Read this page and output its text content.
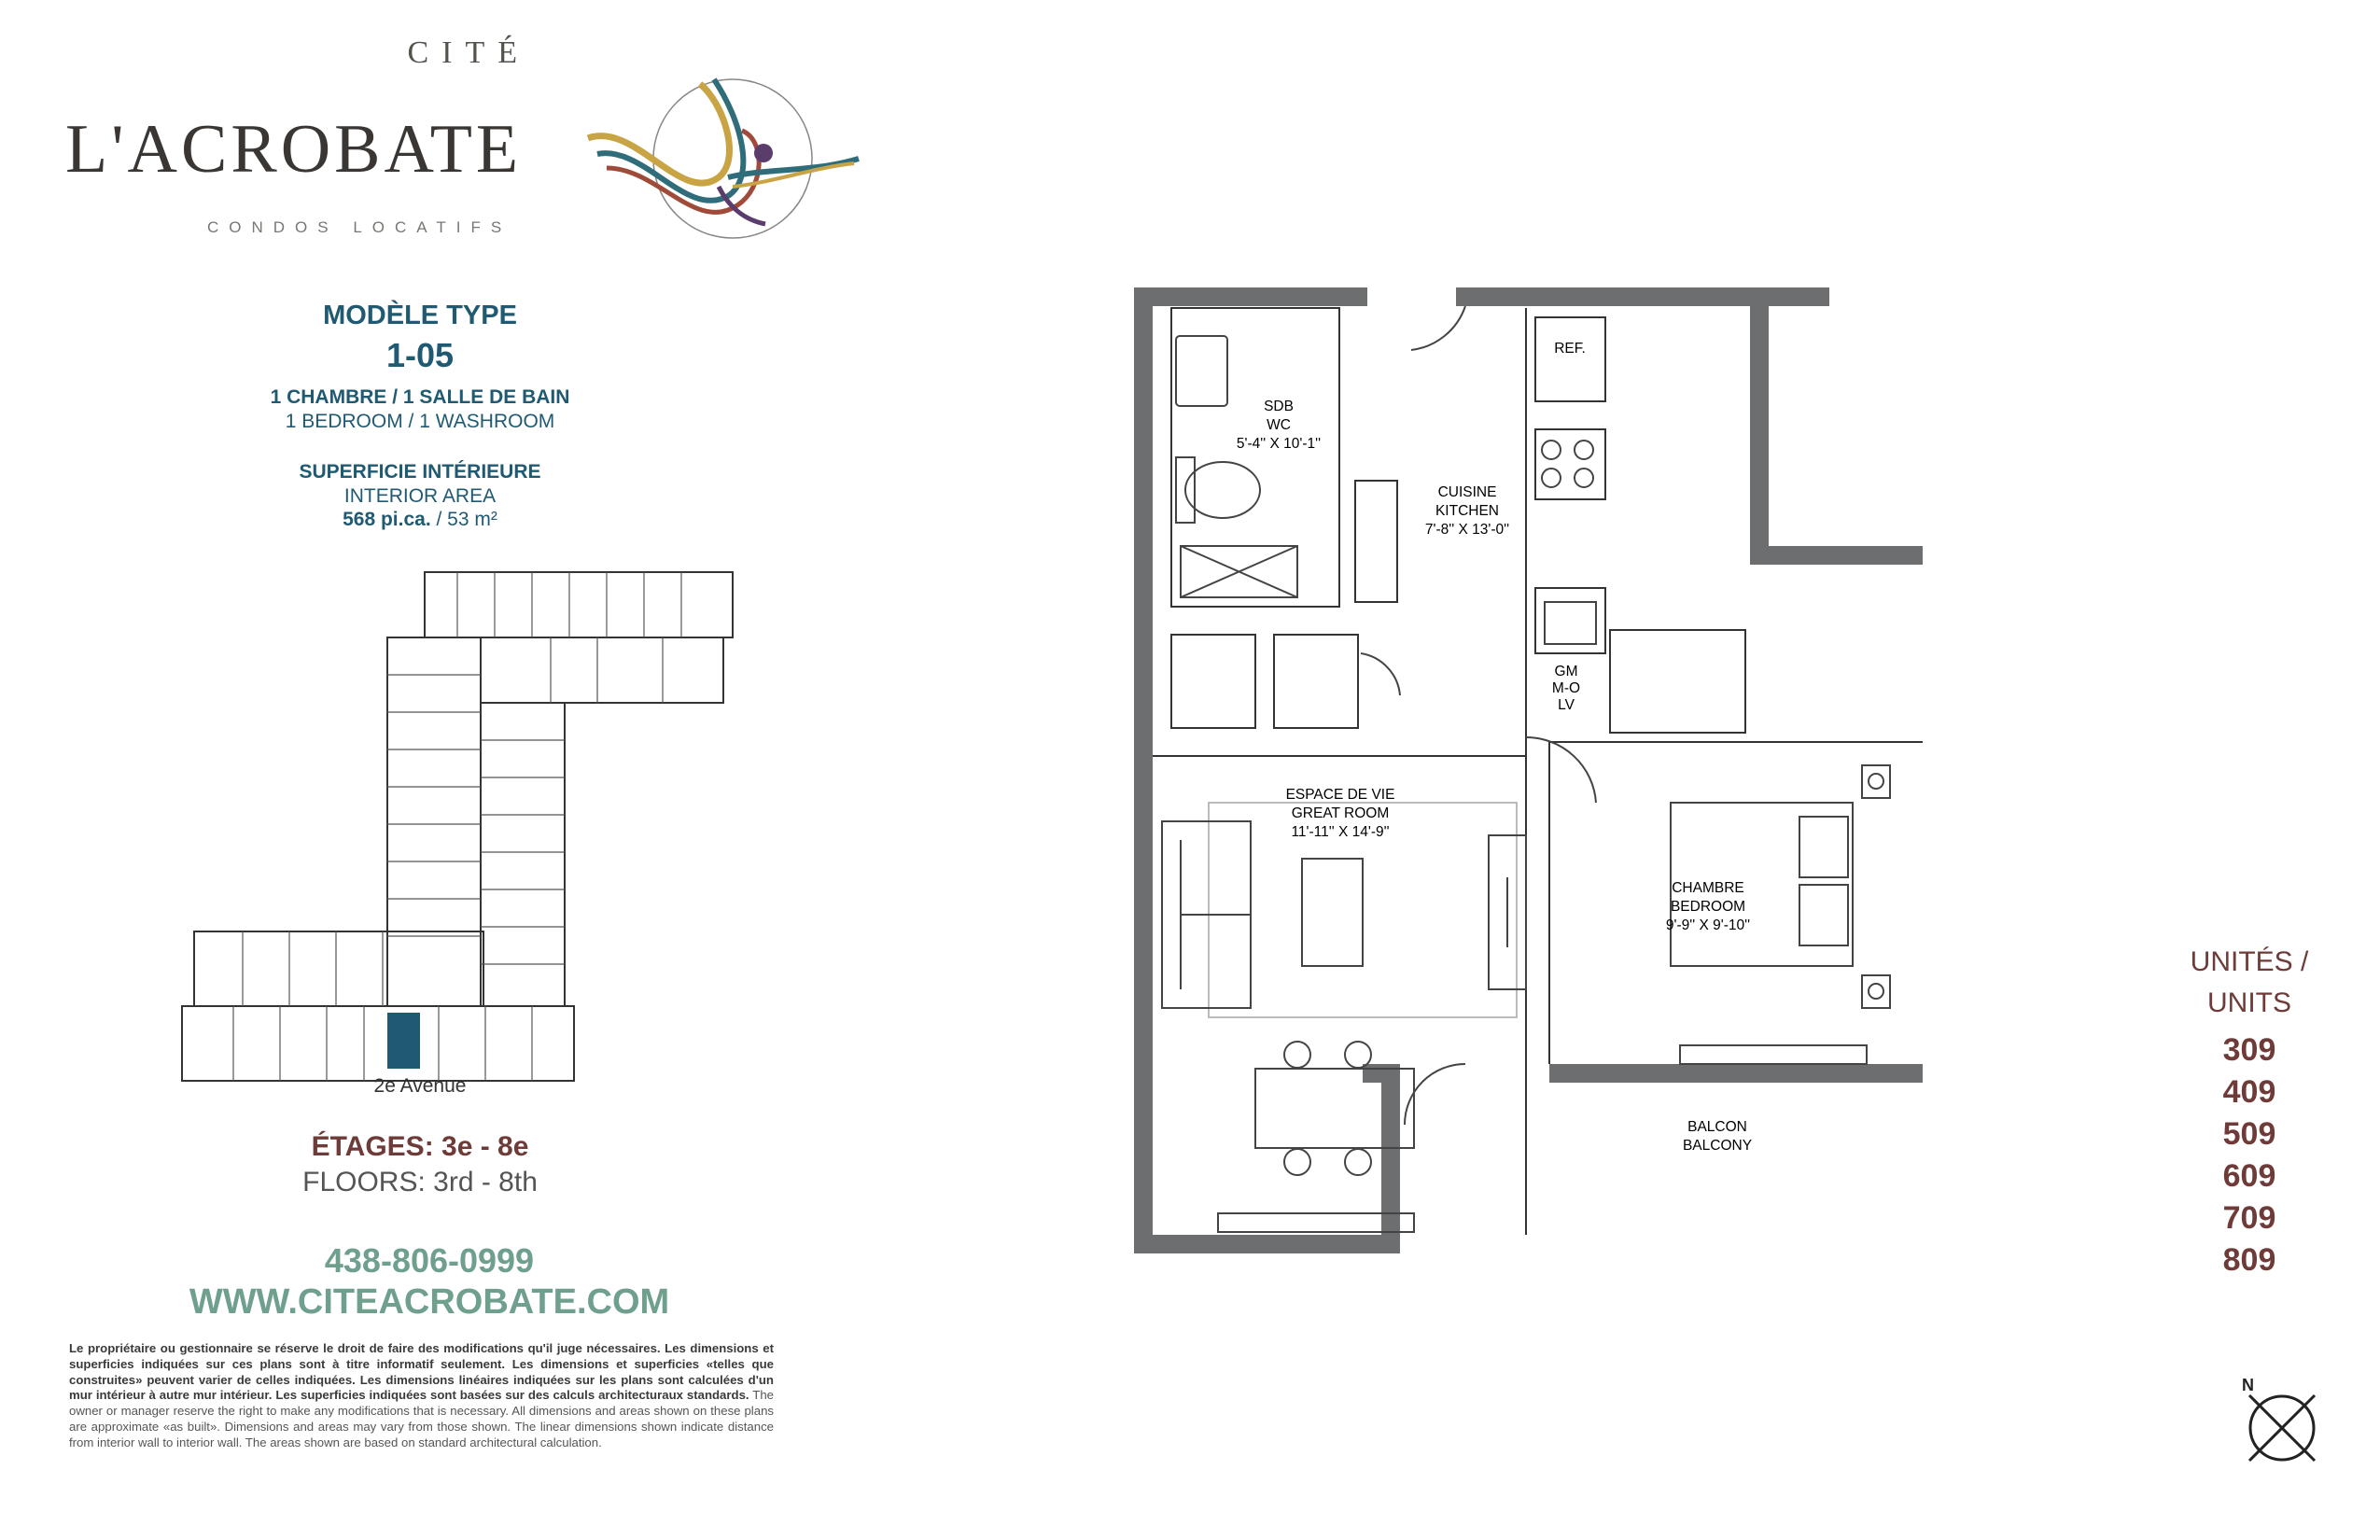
CITÉ
L'ACROBATE
CONDOS LOCATIFS
MODÈLE TYPE
1-05
1 CHAMBRE / 1 SALLE DE BAIN
1 BEDROOM / 1 WASHROOM
SUPERFICIE INTÉRIEURE
INTERIOR AREA
568 pi.ca. / 53 m²
2e Avenue
ÉTAGES: 3e - 8e
FLOORS: 3rd - 8th
438-806-0999
WWW.CITEACROBATE.COM
Le propriétaire ou gestionnaire se réserve le droit de faire des modifications qu'il juge nécessaires. Les dimensions et superficies indiquées sur ces plans sont à titre informatif seulement. Les dimensions et superficies «telles que construites» peuvent varier de celles indiquées. Les dimensions linéaires indiquées sur les plans sont calculées d'un mur intérieur à autre mur intérieur. Les superficies indiquées sont basées sur des calculs architecturaux standards. The owner or manager reserve the right to make any modifications that is necessary. All dimensions and areas shown on these plans are approximate «as built». Dimensions and areas may vary from those shown. The linear dimensions shown indicate distance from interior wall to interior wall. The areas shown are based on standard architectural calculation.
SDB
WC
5'-4'' X 10'-1''
CUISINE
KITCHEN
7'-8'' X 13'-0''
REF.
GM
M-O
LV
ESPACE DE VIE
GREAT ROOM
11'-11'' X 14'-9''
CHAMBRE
BEDROOM
9'-9'' X 9'-10''
BALCON
BALCONY
UNITÉS /
UNITS
309
409
509
609
709
809
N
